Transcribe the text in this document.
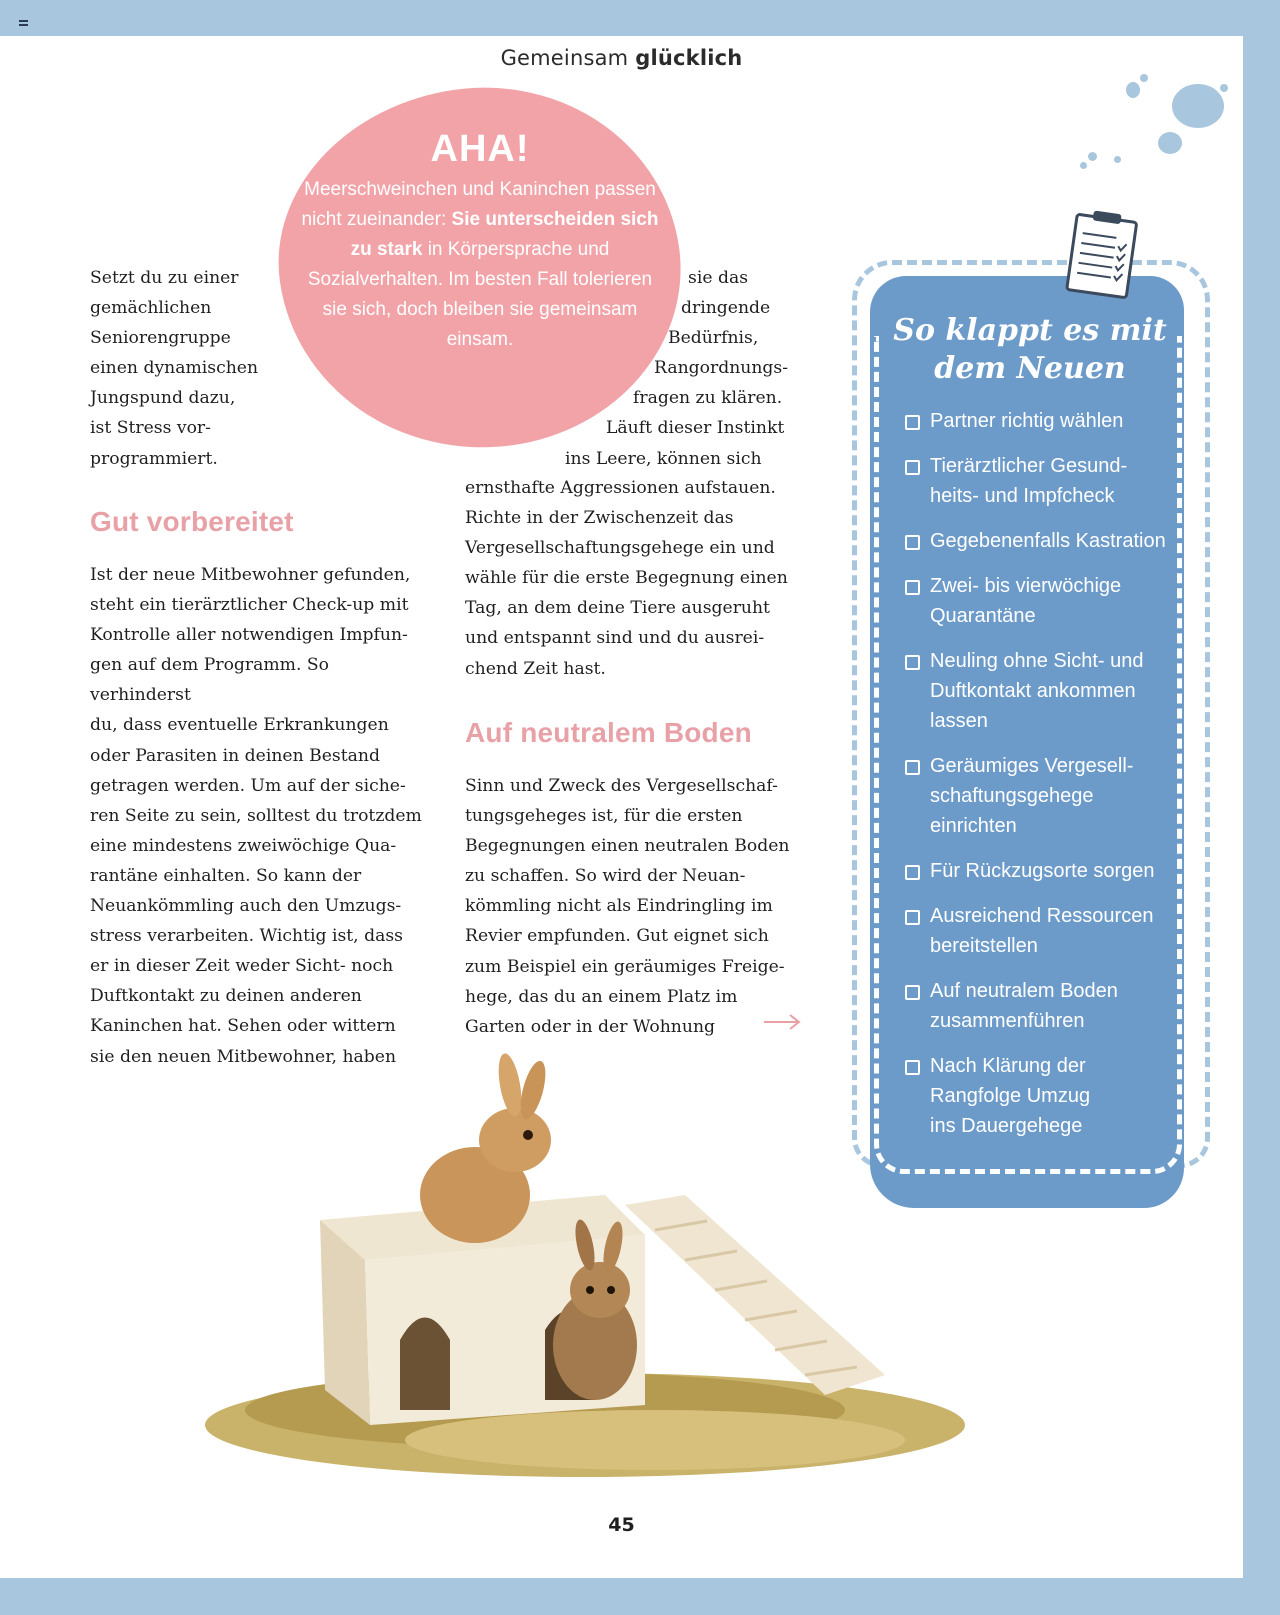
Gemeinsam glücklich

AHA!

Meerschweinchen und Kaninchen passen nicht zueinander: Sie unterscheiden sich zu stark in Körpersprache und Sozialverhalten. Im besten Fall tolerieren sie sich, doch bleiben sie gemeinsam einsam.

Setzt du zu einer
gemächlichen
Seniorengruppe
einen dynamischen
Jungspund dazu,
ist Stress vor-
programmiert.
sie das
dringende
Bedürfnis,
Rangordnungs-
fragen zu klären.
Läuft dieser Instinkt
ins Leere, können sich
ernsthafte Aggressionen aufstauen.
Richte in der Zwischenzeit das
Vergesellschaftungsgehege ein und
wähle für die erste Begegnung einen
Tag, an dem deine Tiere ausgeruht
und entspannt sind und du ausrei-
chend Zeit hast.
Gut vorbereitet
Ist der neue Mitbewohner gefunden,
steht ein tierärztlicher Check-up mit
Kontrolle aller notwendigen Impfun-
gen auf dem Programm. So verhinderst
du, dass eventuelle Erkrankungen
oder Parasiten in deinen Bestand
getragen werden. Um auf der siche-
ren Seite zu sein, solltest du trotzdem
eine mindestens zweiwöchige Qua-
rantäne einhalten. So kann der
Neuankömmling auch den Umzugs-
stress verarbeiten. Wichtig ist, dass
er in dieser Zeit weder Sicht- noch
Duftkontakt zu deinen anderen
Kaninchen hat. Sehen oder wittern
sie den neuen Mitbewohner, haben
Auf neutralem Boden
Sinn und Zweck des Vergesellschaf-
tungsgeheges ist, für die ersten
Begegnungen einen neutralen Boden
zu schaffen. So wird der Neuan-
kömmling nicht als Eindringling im
Revier empfunden. Gut eignet sich
zum Beispiel ein geräumiges Freige-
hege, das du an einem Platz im
Garten oder in der Wohnung
So klappt es mit
dem Neuen
Partner richtig wählen
Tierärztlicher Gesund-
heits- und Impfcheck
Gegebenenfalls Kastration
Zwei- bis vierwöchige
Quarantäne
Neuling ohne Sicht- und
Duftkontakt ankommen
lassen
Geräumiges Vergesell-
schaftungsgehege
einrichten
Für Rückzugsorte sorgen
Ausreichend Ressourcen
bereitstellen
Auf neutralem Boden
zusammenführen
Nach Klärung der
Rangfolge Umzug
ins Dauergehege
45
